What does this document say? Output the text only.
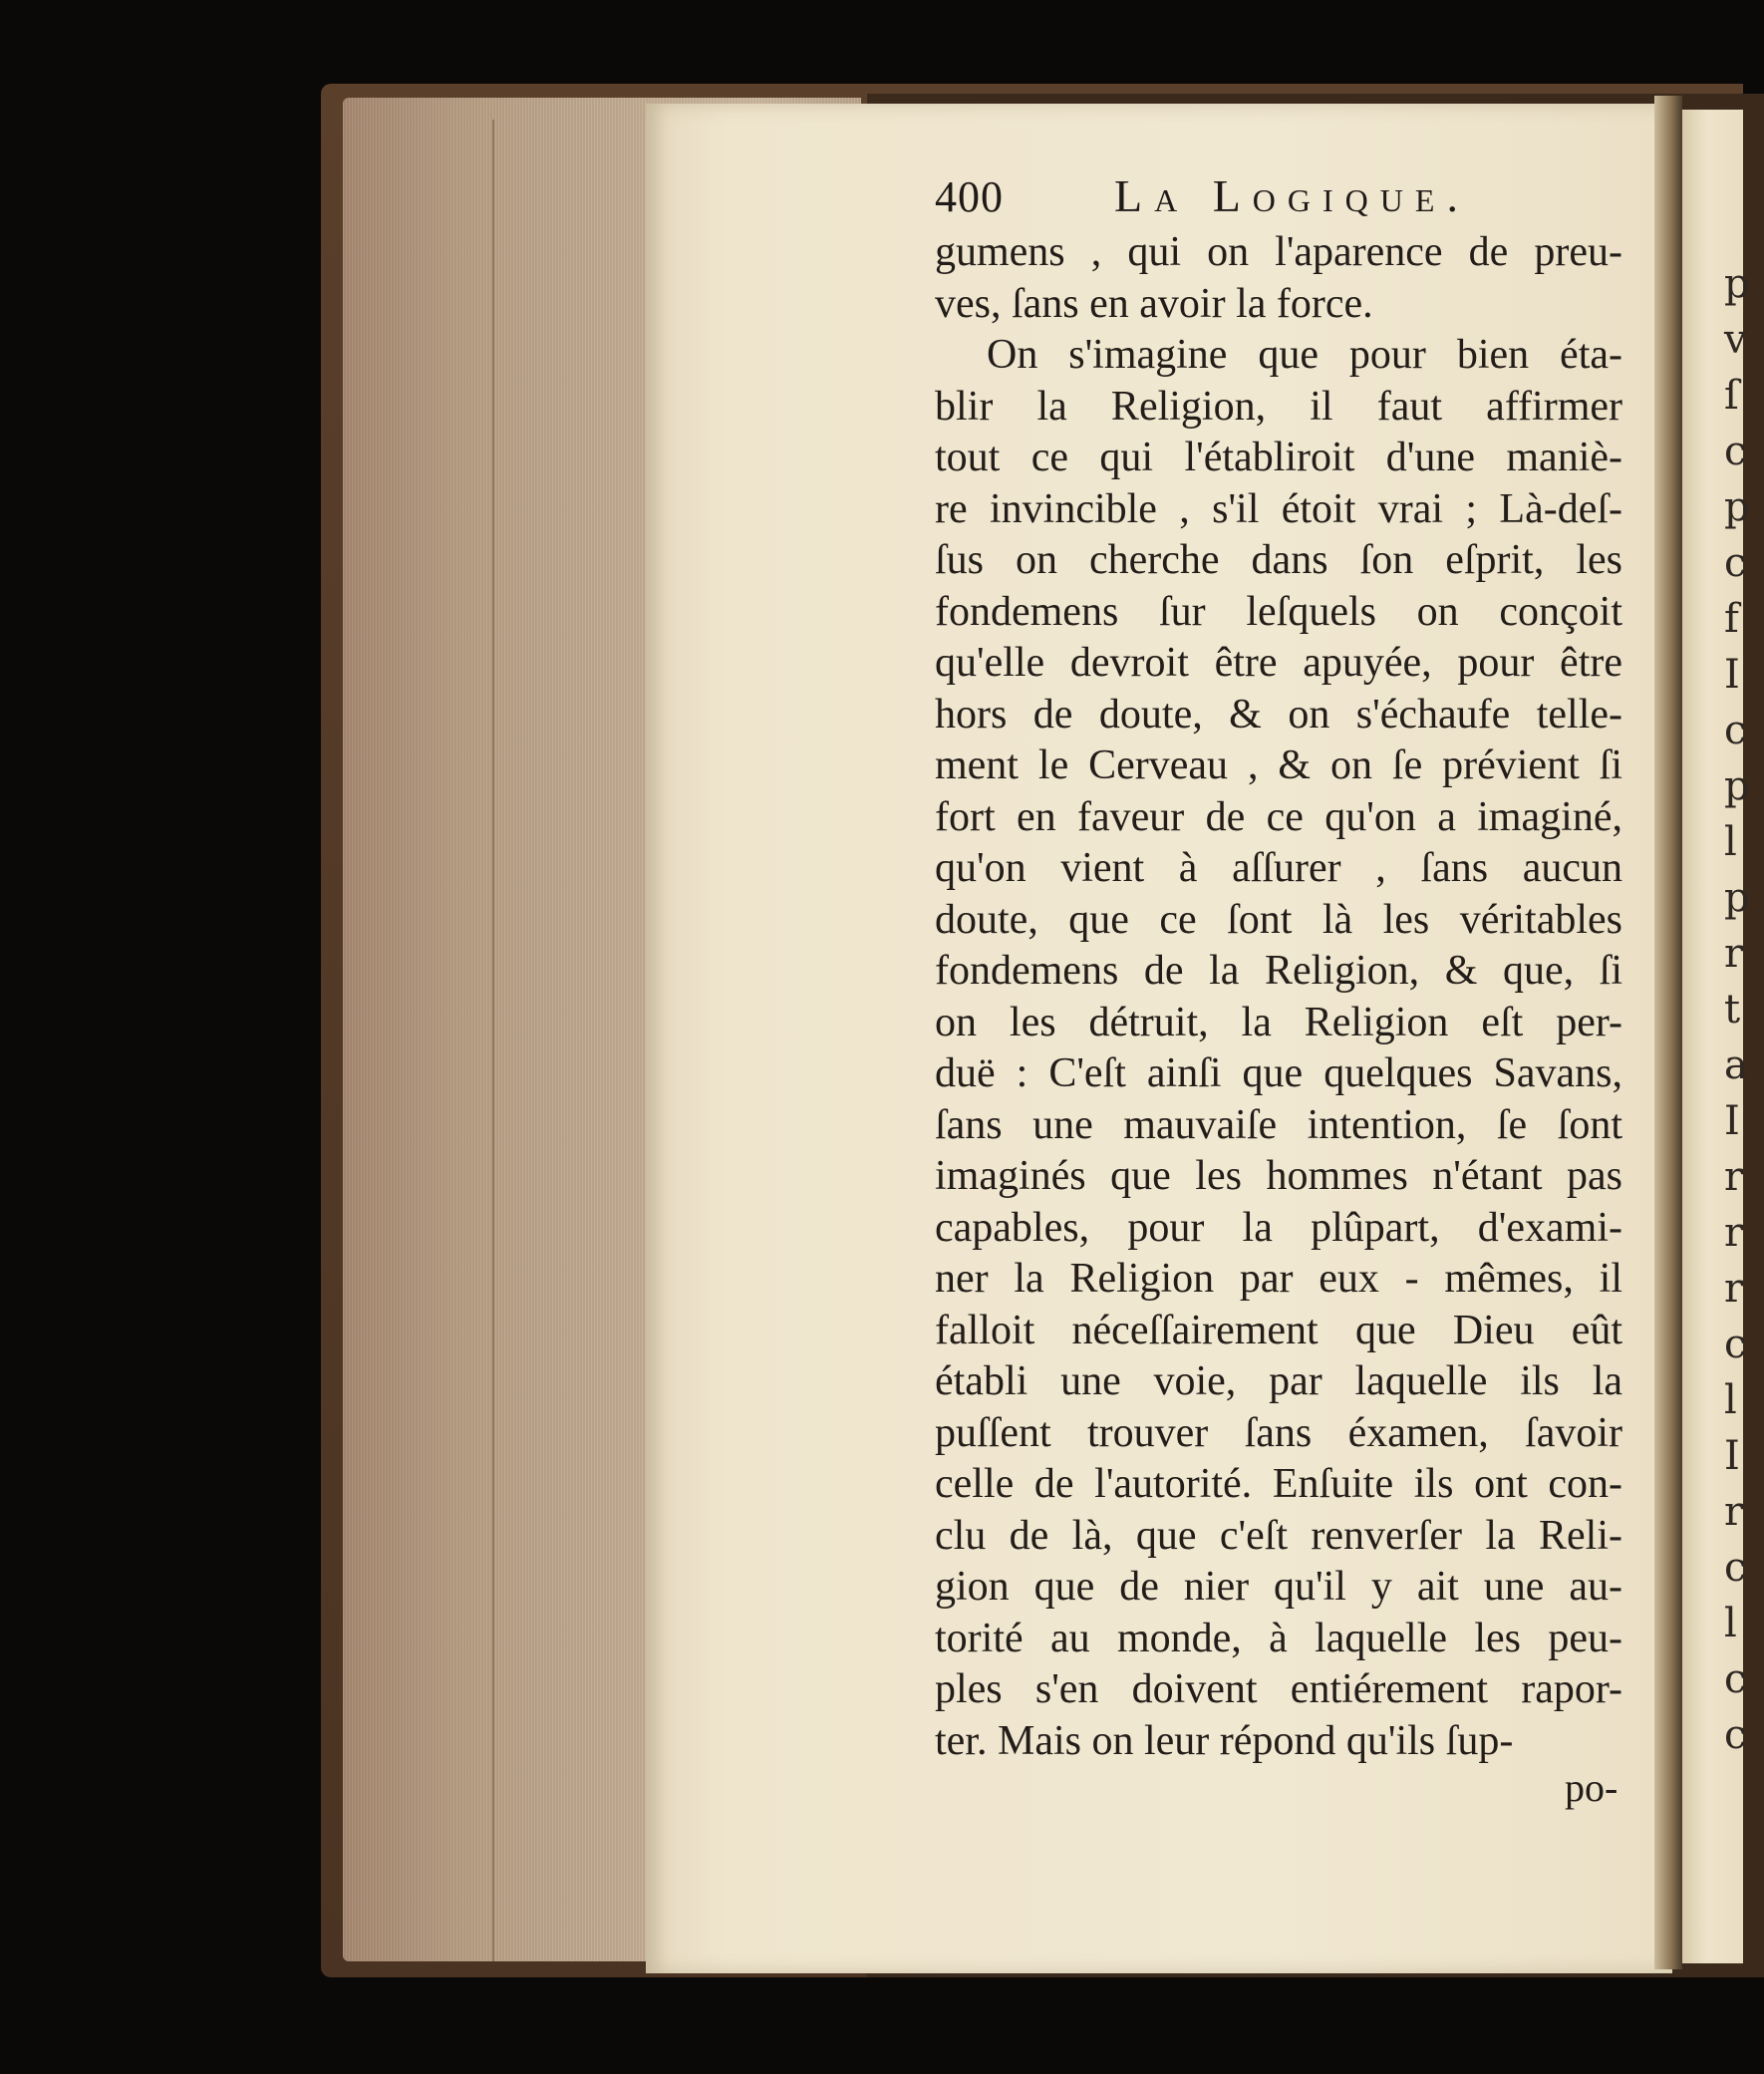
p
v
ſ
c
p
c
f
I
c
p
l
p
r
t
a
I
r
r
r
c
l
I
r
c
l
c
c
400 La Logique.
gumens , qui on l'aparence de preu-
ves, ſans en avoir la force.
On s'imagine que pour bien éta-
blir la Religion, il faut affirmer
tout ce qui l'établiroit d'une maniè-
re invincible , s'il étoit vrai ; Là-deſ-
ſus on cherche dans ſon eſprit, les
fondemens ſur leſquels on conçoit
qu'elle devroit être apuyée, pour être
hors de doute, & on s'échaufe telle-
ment le Cerveau , & on ſe prévient ſi
fort en faveur de ce qu'on a imaginé,
qu'on vient à aſſurer , ſans aucun
doute, que ce ſont là les véritables
fondemens de la Religion, & que, ſi
on les détruit, la Religion eſt per-
duë : C'eſt ainſi que quelques Savans,
ſans une mauvaiſe intention, ſe ſont
imaginés que les hommes n'étant pas
capables, pour la plûpart, d'exami-
ner la Religion par eux - mêmes, il
falloit néceſſairement que Dieu eût
établi une voie, par laquelle ils la
puſſent trouver ſans éxamen, ſavoir
celle de l'autorité. Enſuite ils ont con-
clu de là, que c'eſt renverſer la Reli-
gion que de nier qu'il y ait une au-
torité au monde, à laquelle les peu-
ples s'en doivent entiérement rapor-
ter. Mais on leur répond qu'ils ſup-
po-
